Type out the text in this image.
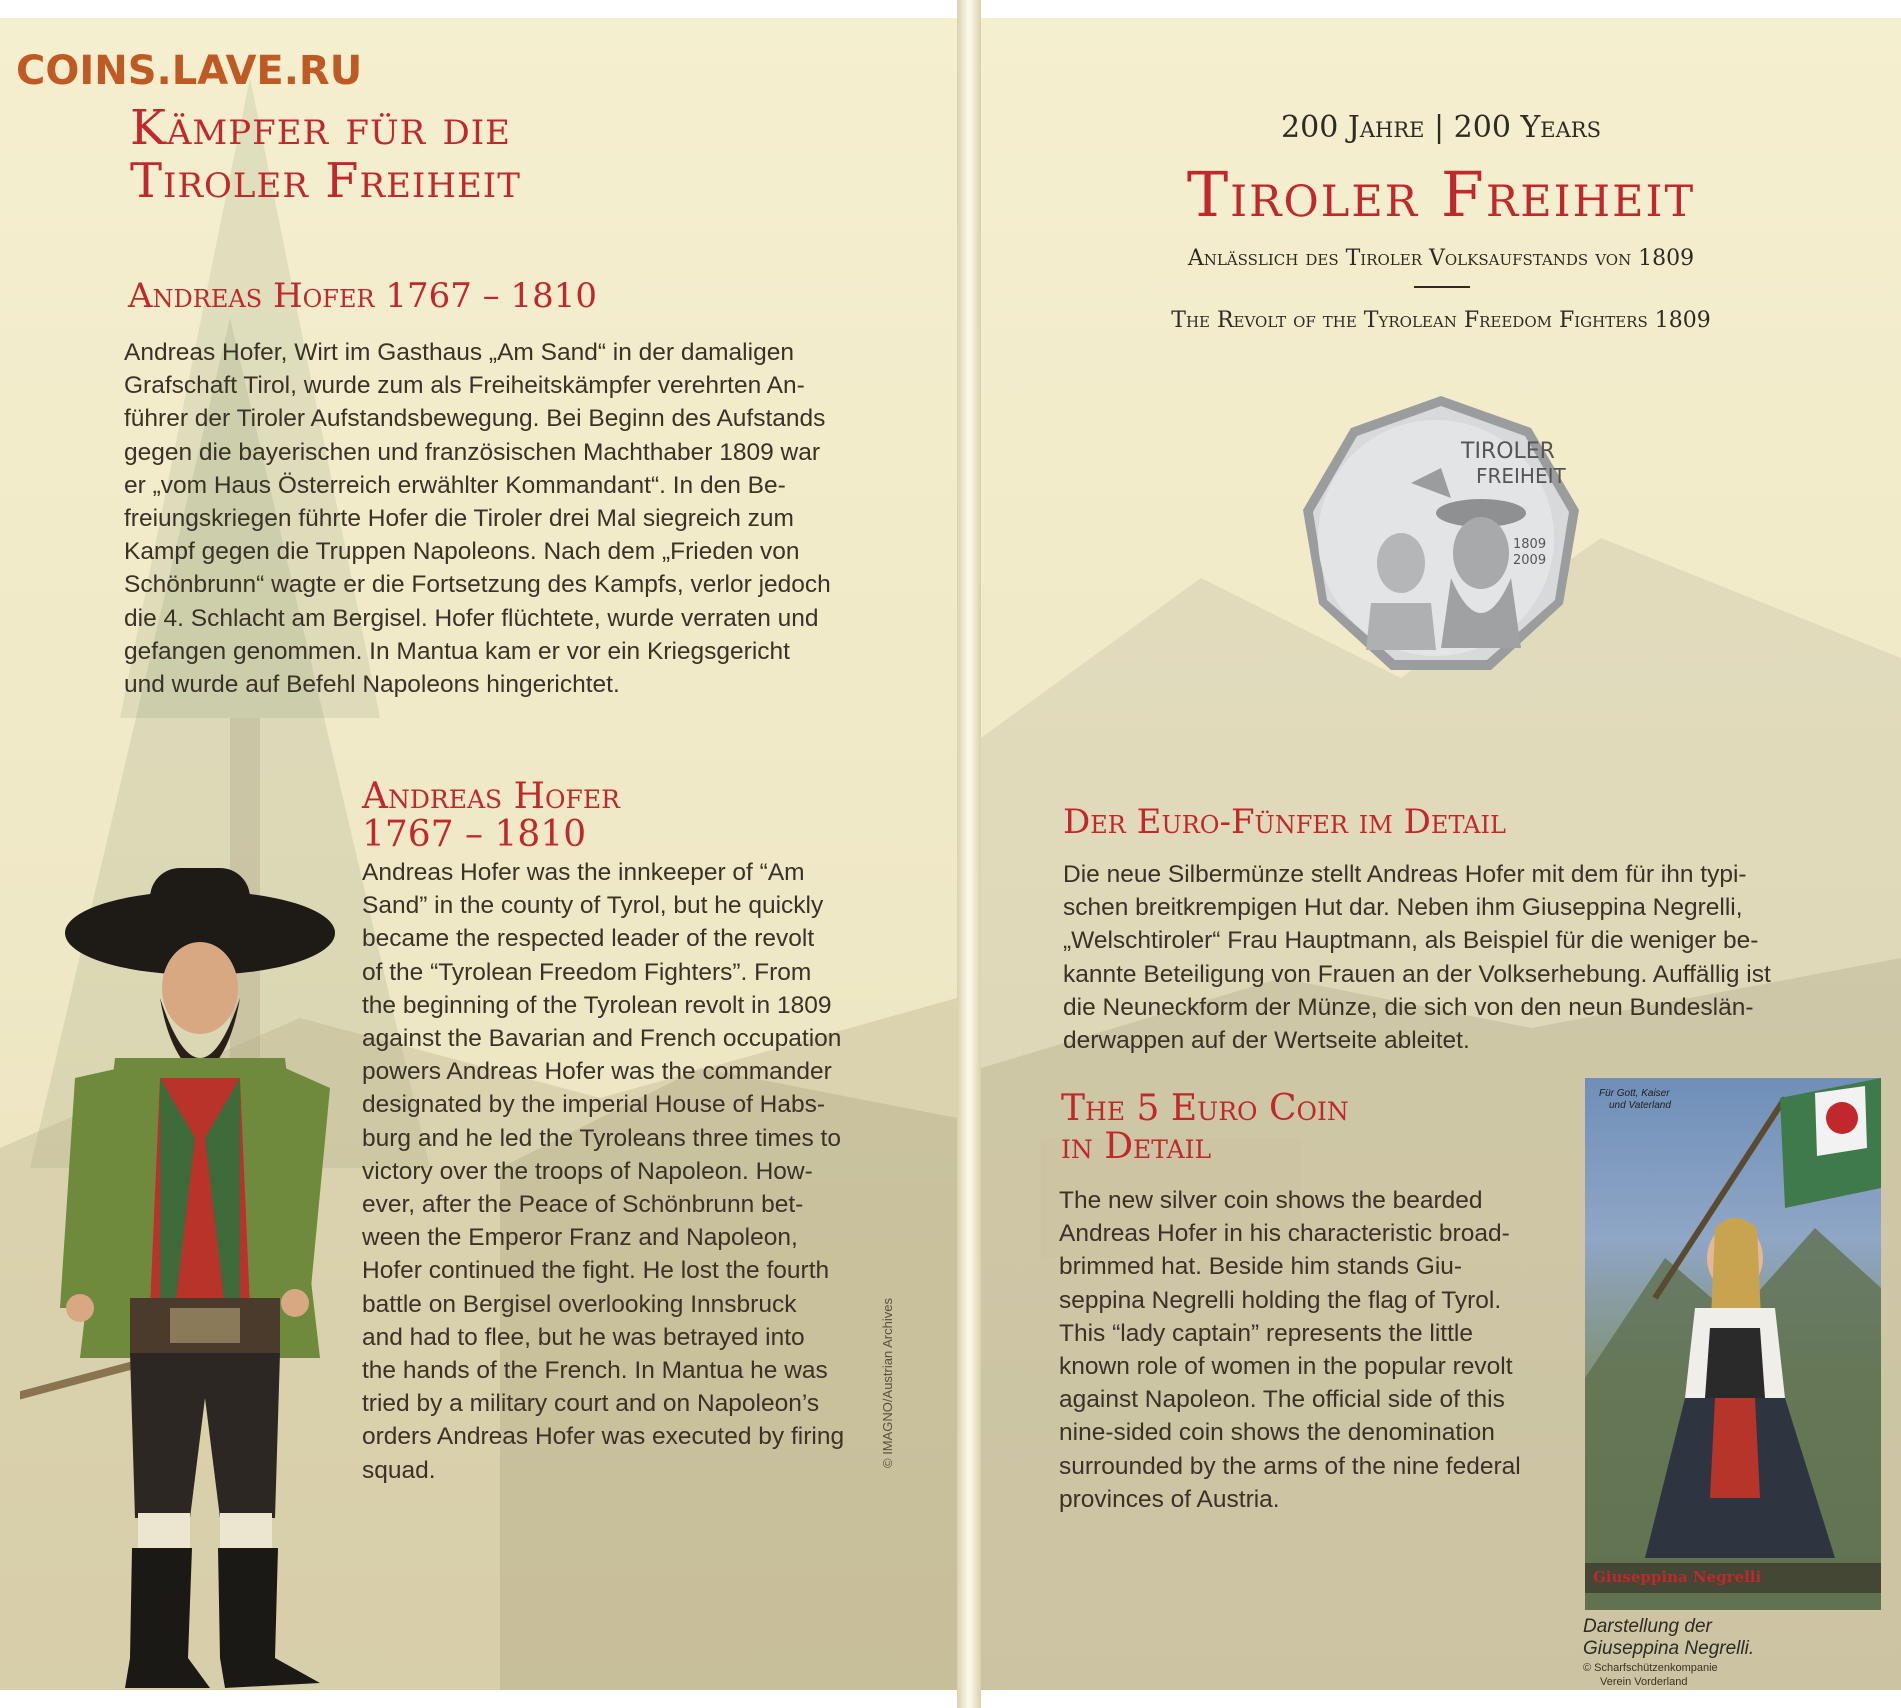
COINS.LAVE.RU
Kämpfer für die
Tiroler Freiheit
Andreas Hofer 1767 – 1810
Andreas Hofer, Wirt im Gasthaus „Am Sand“ in der damaligen
Grafschaft Tirol, wurde zum als Freiheitskämpfer verehrten An-
führer der Tiroler Aufstandsbewegung. Bei Beginn des Aufstands
gegen die bayerischen und französischen Machthaber 1809 war
er „vom Haus Österreich erwählter Kommandant“. In den Be-
freiungskriegen führte Hofer die Tiroler drei Mal siegreich zum
Kampf gegen die Truppen Napoleons. Nach dem „Frieden von
Schönbrunn“ wagte er die Fortsetzung des Kampfs, verlor jedoch
die 4. Schlacht am Bergisel. Hofer flüchtete, wurde verraten und
gefangen genommen. In Mantua kam er vor ein Kriegsgericht
und wurde auf Befehl Napoleons hingerichtet.
Andreas Hofer
1767 – 1810
Andreas Hofer was the innkeeper of “Am
Sand” in the county of Tyrol, but he quickly
became the respected leader of the revolt
of the “Tyrolean Freedom Fighters”. From
the beginning of the Tyrolean revolt in 1809
against the Bavarian and French occupation
powers Andreas Hofer was the commander
designated by the imperial House of Habs-
burg and he led the Tyroleans three times to
victory over the troops of Napoleon. How-
ever, after the Peace of Schönbrunn bet-
ween the Emperor Franz and Napoleon,
Hofer continued the fight. He lost the fourth
battle on Bergisel overlooking Innsbruck
and had to flee, but he was betrayed into
the hands of the French. In Mantua he was
tried by a military court and on Napoleon’s
orders Andreas Hofer was executed by firing
squad.
© IMAGNO/Austrian Archives
200 Jahre | 200 Years
Tiroler Freiheit
Anlässlich des Tiroler Volksaufstands von 1809
The Revolt of the Tyrolean Freedom Fighters 1809
TIROLER
FREIHEIT
1809
2009
Der Euro-Fünfer im Detail
Die neue Silbermünze stellt Andreas Hofer mit dem für ihn typi-
schen breitkrempigen Hut dar. Neben ihm Giuseppina Negrelli,
„Welschtiroler“ Frau Hauptmann, als Beispiel für die weniger be-
kannte Beteiligung von Frauen an der Volkserhebung. Auffällig ist
die Neuneckform der Münze, die sich von den neun Bundeslän-
derwappen auf der Wertseite ableitet.
The 5 Euro Coin
in Detail
The new silver coin shows the bearded
Andreas Hofer in his characteristic broad-
brimmed hat. Beside him stands Giu-
seppina Negrelli holding the flag of Tyrol.
This “lady captain” represents the little
known role of women in the popular revolt
against Napoleon. The official side of this
nine-sided coin shows the denomination
surrounded by the arms of the nine federal
provinces of Austria.
Für Gott, Kaiser
und Vaterland
Giuseppina Negrelli
Darstellung der
Giuseppina Negrelli.
© Scharfschützenkompanie
Verein Vorderland
